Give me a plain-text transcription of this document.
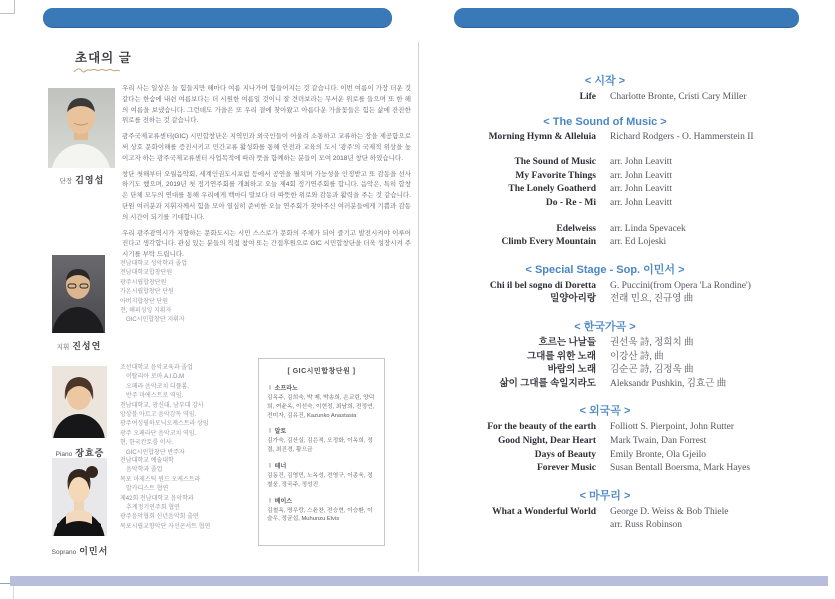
초대의 글
단장 김영섭

우리 사는 일상은 늘 힘들지만 해마다 여름 지나가며 힘들어지는 것 같습니다. 이번 여름이 가장 더운 것 같다는 한숨에 내쉰 여름보다는 더 시원한 여름일 것이니 잘 견뎌보라는 무서운 위로를 들으며 또 한 해의 여름을 보냈습니다. 그런데도 가을은 또 우리 곁에 찾아왔고 아름다운 가을꽃들은 힘든 삶에 잔잔한 위로를 전하는 것 같습니다.

광주국제교류센터(GIC) 시민합창단은 지역민과 외국인들이 어울려 소통하고 교류하는 장을 제공함으로써 상호 문화이해를 증진시키고 민간교류 활성화를 통해 안전과 교육의 도시 '광주'의 국제적 위상을 높이고자 하는 광주국제교류센터 사업목적에 따라 뜻을 함께하는 분들이 모여 2018년 창단 하였습니다.

창단 첫해부터 오월음악회, 세계인권도시포럼 등에서 공연을 펼치며 가능성을 인정받고 또 감동을 선사하기도 했으며, 2019년 첫 정기연주회를 개최하고 오늘 제4회 정기연주회를 합니다. 음악은, 특히 합창은 단체 모두의 연대를 통해 우리에게 백마디 말보다 더 따뜻한 위로와 감동과 활력을 주는 것 같습니다. 단원 여러분과 지휘자께서 힘을 모아 열심히 준비한 오늘 연주회가 찾아주신 여러분들에게 기쁨과 감동의 시간이 되기를 기대합니다.

우리 광주광역시가 지향하는 문화도시는 시민 스스로가 문화의 주체가 되어 즐기고 발전시켜야 이루어진다고 생각합니다. 관심 있는 분들의 직접 참여 또는 간접후원으로 GIC 시민합창단을 더욱 성장시켜 주시기를 부탁 드립니다.

지휘 진성연
전남대학교 성악학과 졸업
전남대학교합창단원
광주시립합창단원
가온시립합창단 단원
아버지합창단 단원
전, 해피싱잉 지휘자
GIC시민합창단 지휘자
Piano 장효증
조선대학교 음악교육과 졸업
이탈리아 로마 A.I.D.M
오페라 음악코치 디플롬,
반주 마에스트로 역임.
전남대학교, 광신대, 남부대 강사
앙상블 아르고 음악감독 역임.
광주여성필하모닉오케스트라 상임
광주 오페라단 음악코치 역임.
현, 한국칸토룸 이사.
GIC시민합창단 반주자
Soprano 이민서
전남대학교 예술대학
음악학과 졸업
목포 마제스틱 윈드 오케스트라
알카디스트 협연
제42회 전남대학교 음악학과
추계정기연주회 협연
광주음악협회 신년음악회 출연
목포시립교향악단 자선콘서트 협연
[ GIC시민합창단원 ]
∣ 소프라노
김옥주, 김희숙, 박 제, 박송희, 손교린, 양덕희, 여윤옥, 이선숙, 이현정, 최남희, 전정연, 전미자, 김유진, Kazunko Anastasia
∣ 알토
김가숙, 김산실, 김은적, 오정화, 이옥희, 정 결, 최진경, 황으금
∣ 테너
김동건, 김영민, 노옥성, 전영구, 이종욱, 정철웅, 정국주, 정성진
∣ 베이스
김철옥, 명우랑, 스윤찬, 전승현, 이승환, 이슬우, 정균섭, Muhunzu Elvis
< 시작 >
Life Charlotte Bronte, Cristi Cary Miller
< The Sound of Music >
Morning Hymn & Alleluia Richard Rodgers - O. Hammerstein II
The Sound of Music arr. John Leavitt
My Favorite Things arr. John Leavitt
The Lonely Goatherd arr. John Leavitt
Do - Re - Mi arr. John Leavitt
Edelweiss arr. Linda Spevacek
Climb Every Mountain arr. Ed Lojeski
< Special Stage - Sop. 이민서 >
Chi il bel sogno di Doretta G. Puccini(from Opera 'La Rondine')
밀양아리랑 전래 민요, 진규영 曲
< 한국가곡 >
흐르는 나날들 권선욱 詩, 정희치 曲
그대를 위한 노래 이강산 詩, 曲
바람의 노래 김순곤 詩, 김정욱 曲
삶이 그대를 속일지라도 Aleksandr Pushkin, 김효근 曲
< 외국곡 >
For the beauty of the earth Folliott S. Pierpoint, John Rutter
Good Night, Dear Heart Mark Twain, Dan Forrest
Days of Beauty Emily Bronte, Ola Gjeilo
Forever Music Susan Bentall Boersma, Mark Hayes
< 마무리 >
What a Wonderful World George D. Weiss & Bob Thiele
arr. Russ Robinson
